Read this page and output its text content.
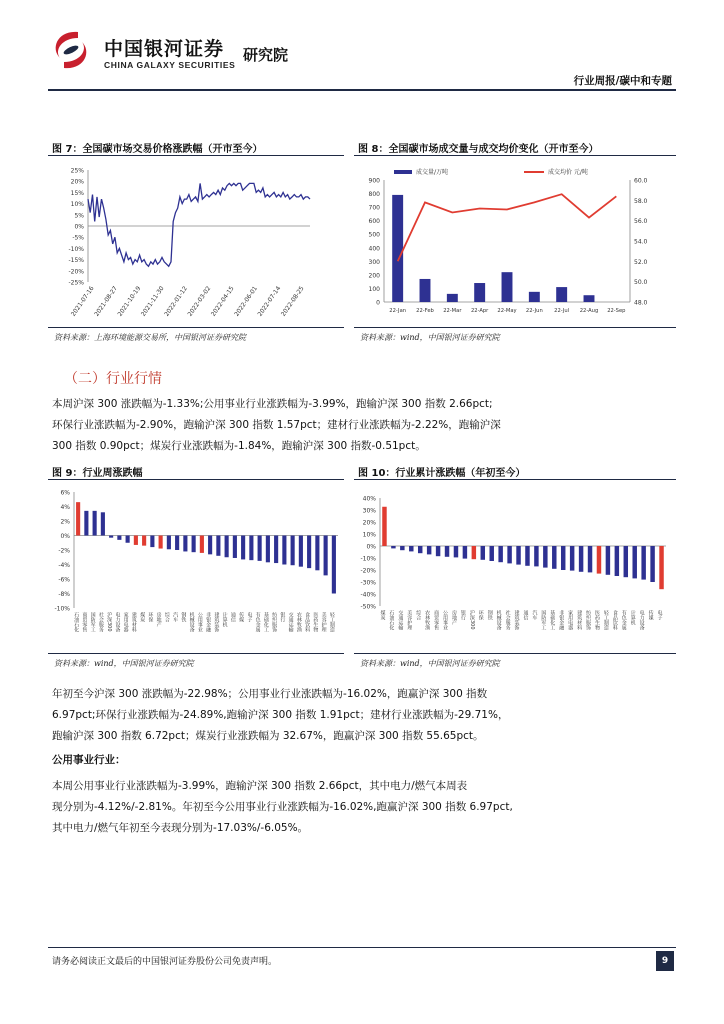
中国银河证券
CHINA GALAXY SECURITIES
研究院
行业周报/碳中和专题
图 7：全国碳市场交易价格涨跌幅（开市至今）
25%
20%
15%
10%
5%
0%
-5%
-10%
-15%
-20%
-25%
2021-07-16
2021-08-27
2021-10-19
2021-11-30
2022-01-12
2022-03-02
2022-04-15
2022-06-01
2022-07-14
2022-08-25
资料来源：上海环境能源交易所，中国银河证券研究院
图 8：全国碳市场成交量与成交均价变化（开市至今）
成交量/万吨	成交均价 元/吨
900
800
700
600
500
400
300
200
100
0
60.0
58.0
56.0
54.0
52.0
50.0
48.0
22-Jan 22-Feb 22-Mar 22-Apr 22-May 22-Jun 22-Jul 22-Aug 22-Sep
资料来源：wind，中国银河证券研究院
（二）行业行情
本周沪深 300 涨跌幅为-1.33%;公用事业行业涨跌幅为-3.99%，跑输沪深 300 指数 2.66pct;
环保行业涨跌幅为-2.90%，跑输沪深 300 指数 1.57pct；建材行业涨跌幅为-2.22%，跑输沪深
300 指数 0.90pct；煤炭行业涨跌幅为-1.84%，跑输沪深 300 指数-0.51pct。
图 9：行业周涨跌幅
6%
4%
2%
0%
-2%
-4%
-6%
-8%
-10%
石油石化 商贸零售 国防军工 社会服务 沪深300 电力设备 家用电器 建筑材料 煤炭 环保 房地产 综合 汽车 钢铁 机械设备 公用事业 非银金融 建筑装饰 计算机 通信 传媒 电子 有色金属 基础化工 纺织服饰 银行 交通运输 农林牧渔 食品饮料 医药生物 美容护理 轻工制造
资料来源：wind，中国银河证券研究院
图 10：行业累计涨跌幅（年初至今）
40%
30%
20%
10%
0%
-10%
-20%
-30%
-40%
-50%
煤炭 石油石化 交通运输 美容护理 综合 农林牧渔 商贸零售 公用事业 房地产 银行 沪深300 环保 钢铁 机械设备 社会服务 建筑装饰 通信 汽车 国防军工 基础化工 非银金融 家用电器 建筑材料 纺织服饰 医药生物 轻工制造 食品饮料 有色金属 计算机 电力设备 传媒 电子
资料来源：wind，中国银河证券研究院
年初至今沪深 300 涨跌幅为-22.98%；公用事业行业涨跌幅为-16.02%，跑赢沪深 300 指数
6.97pct;环保行业涨跌幅为-24.89%,跑输沪深 300 指数 1.91pct；建材行业涨跌幅为-29.71%，
跑输沪深 300 指数 6.72pct；煤炭行业涨跌幅为 32.67%，跑赢沪深 300 指数 55.65pct。
公用事业行业：
本周公用事业行业涨跌幅为-3.99%，跑输沪深 300 指数 2.66pct，其中电力/燃气本周表
现分别为-4.12%/-2.81%。年初至今公用事业行业涨跌幅为-16.02%,跑赢沪深 300 指数 6.97pct,
其中电力/燃气年初至今表现分别为-17.03%/-6.05%。
请务必阅读正文最后的中国银河证券股份公司免责声明。	9
